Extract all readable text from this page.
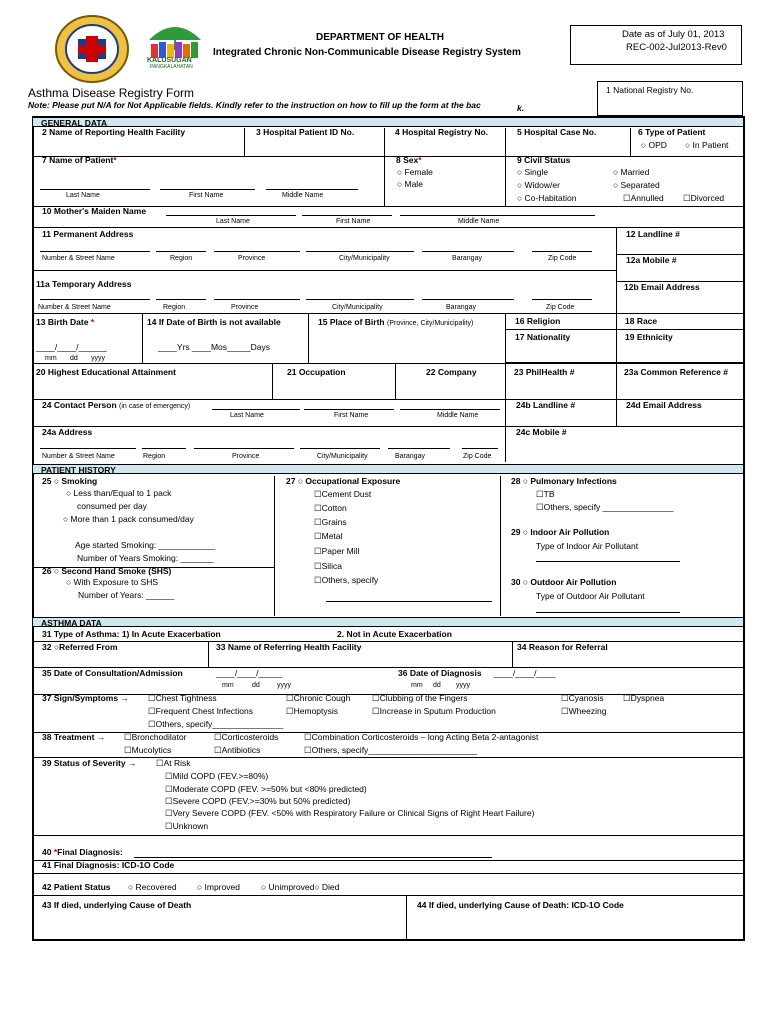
KALUSUGAN
PANGKALAHATAN
DEPARTMENT OF HEALTH
Integrated Chronic Non-Communicable Disease Registry System
Date as of July 01, 2013
REC-002-Jul2013-Rev0
Asthma Disease Registry Form
Note: Please put N/A for Not Applicable fields. Kindly refer to the instruction on how to fill up the form at the bac	k.
1 National Registry No.
GENERAL DATA
2 Name of Reporting Health Facility	3 Hospital Patient ID No.	4 Hospital Registry No.	5 Hospital Case No.	6 Type of Patient
○ OPD ○ In Patient
7 Name of Patient*
Last Name	First Name	Middle Name
8 Sex*
○ Female
○ Male
9 Civil Status
○ Single	○ Married
○ Widow/er	○ Separated
○ Co-Habitation	☐Annulled ☐Divorced
10 Mother's Maiden Name
Last Name	First Name	Middle Name
11 Permanent Address	12 Landline #
12a Mobile #
Number & Street Name	Region	Province	City/Municipality	Barangay	Zip Code
11a Temporary Address	12b Email Address
Number & Street Name	Region	Province	City/Municipality	Barangay	Zip Code
13 Birth Date *
____/____/______
mm dd yyyy
14 If Date of Birth is not available
____Yrs ____Mos_____Days
15 Place of Birth (Province, City/Municipality)	16 Religion	18 Race
17 Nationality	19 Ethnicity
20 Highest Educational Attainment	21 Occupation	22 Company	23 PhilHealth #	23a Common Reference #
24 Contact Person (in case of emergency)
Last Name	First Name	Middle Name
24b Landline #	24d Email Address
24a Address	24c Mobile #
Number & Street Name	Region	Province	City/Municipality	Barangay	Zip Code
PATIENT HISTORY
25 ○ Smoking
○ Less than/Equal to 1 pack
consumed per day
○ More than 1 pack consumed/day
Age started Smoking: ____________
Number of Years Smoking: _______
26 ○ Second Hand Smoke (SHS)
○ With Exposure to SHS
Number of Years: ______
27 ○ Occupational Exposure
☐Cement Dust
☐Cotton
☐Grains
☐Metal
☐Paper Mill
☐Silica
☐Others, specify
28 ○ Pulmonary Infections
☐TB
☐Others, specify _______________
29 ○ Indoor Air Pollution
Type of Indoor Air Pollutant
30 ○ Outdoor Air Pollution
Type of Outdoor Air Pollutant
ASTHMA DATA
31 Type of Asthma: 1) In Acute Exacerbation	2. Not in Acute Exacerbation
32 ○Referred From	33 Name of Referring Health Facility	34 Reason for Referral
35 Date of Consultation/Admission	____/____/_____
mm	dd yyyy
36 Date of Diagnosis ____/____/____
mm dd yyyy
37 Sign/Symptoms → ☐Chest Tightness	☐Chronic Cough	☐Clubbing of the Fingers	☐Cyanosis ☐Dyspnea
☐Frequent Chest Infections	☐Hemoptysis	☐Increase in Sputum Production	☐Wheezing
☐Others, specify_______________
38 Treatment → ☐Bronchodilator	☐Corticosteroids	☐Combination Corticosteroids – long Acting Beta 2-antagonist
☐Mucolytics	☐Antibiotics	☐Others, specify_______________________
39 Status of Severity → ☐At Risk
☐Mild COPD (FEV.>=80%)
☐Moderate COPD (FEV. >=50% but <80% predicted)
☐Severe COPD (FEV.>=30% but 50% predicted)
☐Very Severe COPD (FEV. <50% with Respiratory Failure or Clinical Signs of Right Heart Failure)
☐Unknown
40 *Final Diagnosis:
41 Final Diagnosis: ICD-1O Code
42 Patient Status ○ Recovered ○ Improved ○ Unimproved○ Died
43 If died, underlying Cause of Death	44 If died, underlying Cause of Death: ICD-1O Code
